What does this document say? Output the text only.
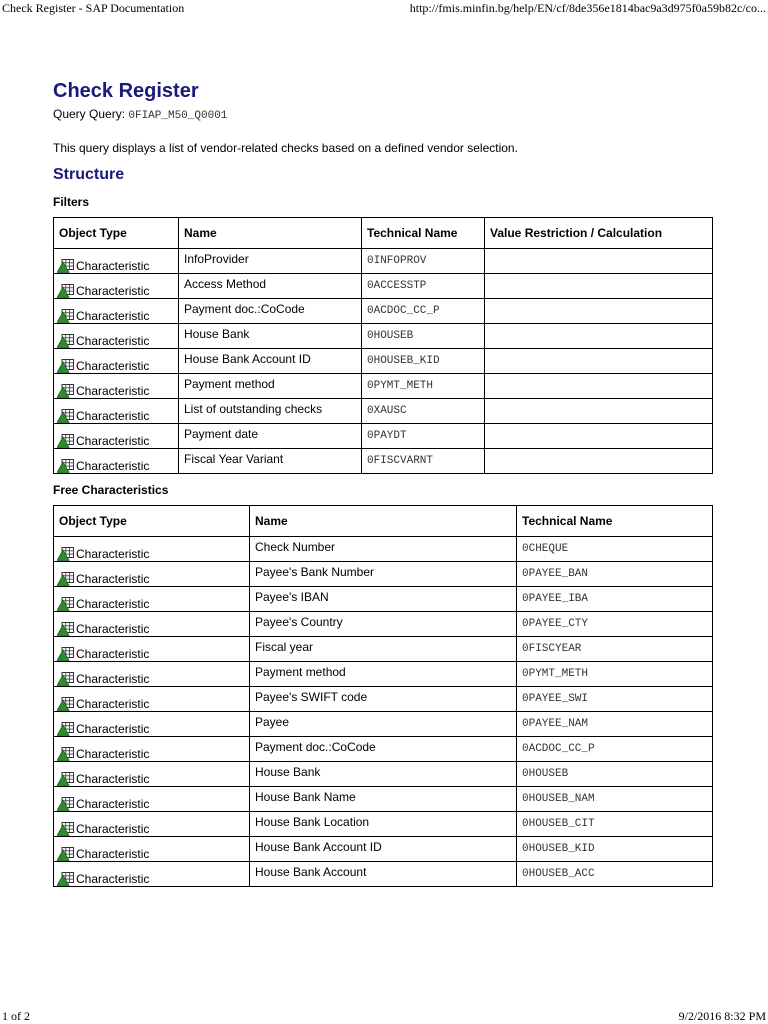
Check Register - SAP Documentation	http://fmis.minfin.bg/help/EN/cf/8de356e1814bac9a3d975f0a59b82c/co...
Check Register
Query Query: 0FIAP_M50_Q0001
This query displays a list of vendor-related checks based on a defined vendor selection.
Structure
Filters
Object Type	Name	Technical Name	Value Restriction / Calculation

Characteristic	InfoProvider	0INFOPROV	

Characteristic	Access Method	0ACCESSTP	

Characteristic	Payment doc.:CoCode	0ACDOC_CC_P	

Characteristic	House Bank	0HOUSEB	

Characteristic	House Bank Account ID	0HOUSEB_KID	

Characteristic	Payment method	0PYMT_METH	

Characteristic	List of outstanding checks	0XAUSC	

Characteristic	Payment date	0PAYDT	

Characteristic	Fiscal Year Variant	0FISCVARNT	
Free Characteristics
Object Type	Name	Technical Name

Characteristic	Check Number	0CHEQUE

Characteristic	Payee's Bank Number	0PAYEE_BAN

Characteristic	Payee's IBAN	0PAYEE_IBA

Characteristic	Payee's Country	0PAYEE_CTY

Characteristic	Fiscal year	0FISCYEAR

Characteristic	Payment method	0PYMT_METH

Characteristic	Payee's SWIFT code	0PAYEE_SWI

Characteristic	Payee	0PAYEE_NAM

Characteristic	Payment doc.:CoCode	0ACDOC_CC_P

Characteristic	House Bank	0HOUSEB

Characteristic	House Bank Name	0HOUSEB_NAM

Characteristic	House Bank Location	0HOUSEB_CIT

Characteristic	House Bank Account ID	0HOUSEB_KID

Characteristic	House Bank Account	0HOUSEB_ACC
1 of 2	9/2/2016 8:32 PM
